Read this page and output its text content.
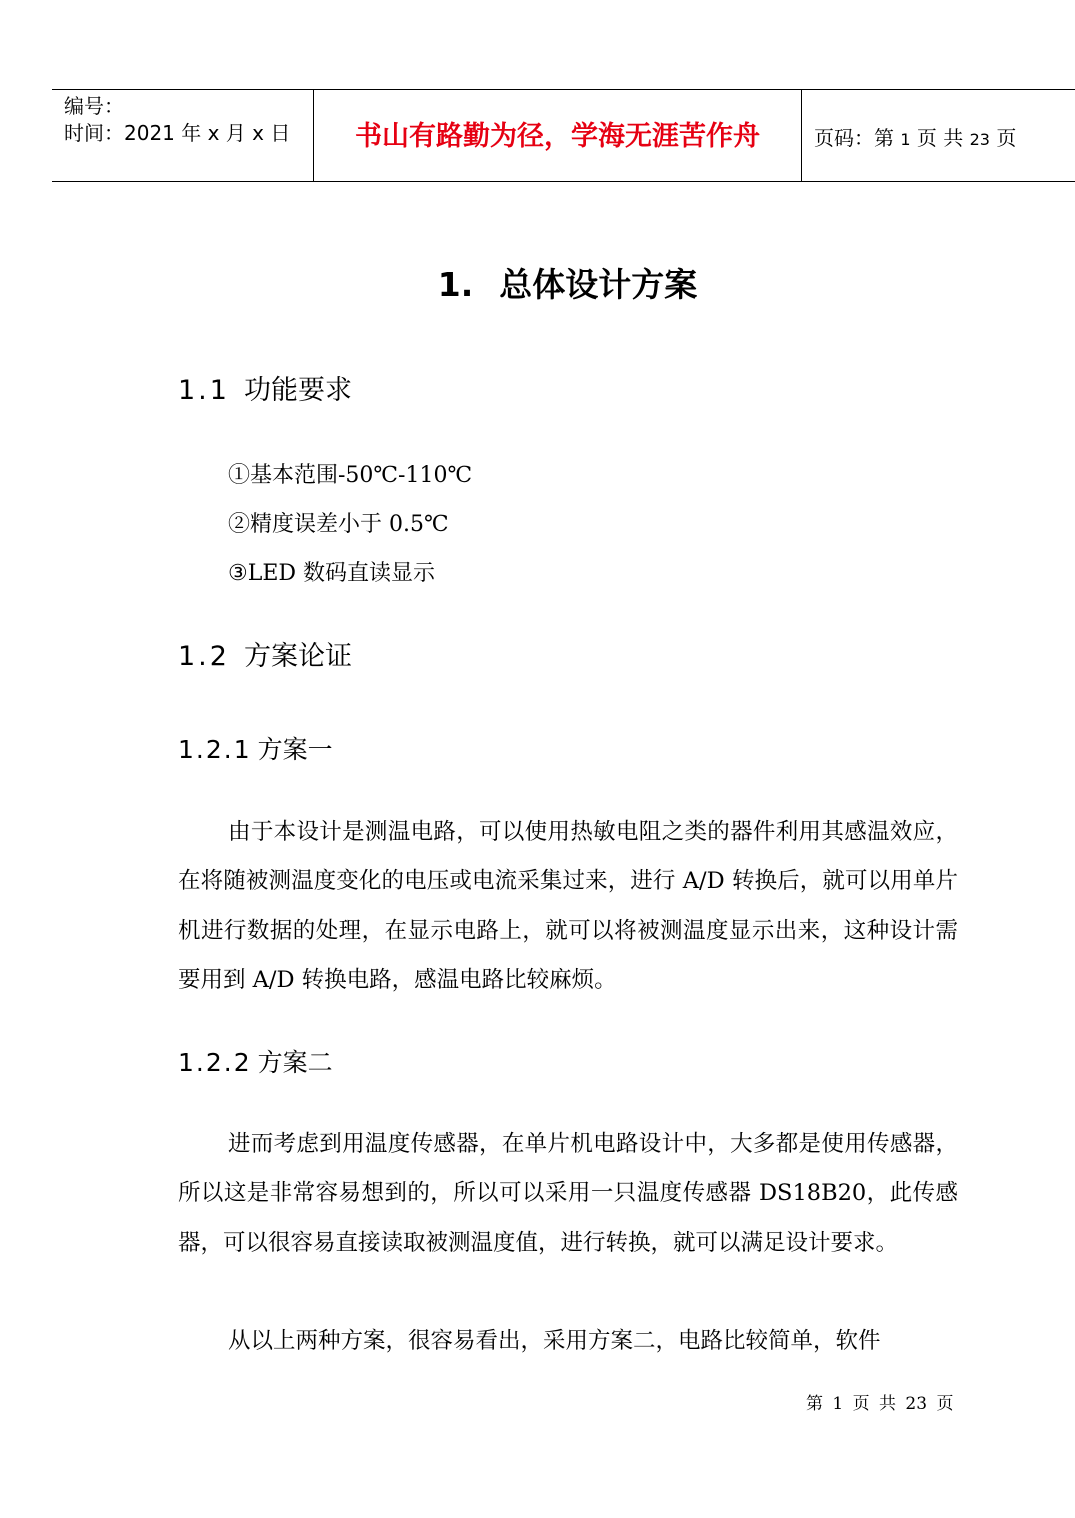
编号：
时间：2021 年 x 月 x 日	书山有路勤为径，学海无涯苦作舟	页码：第 1 页 共 23 页
1. 总体设计方案
1.1 功能要求
①基本范围-50℃-110℃
②精度误差小于 0.5℃
③LED 数码直读显示
1.2 方案论证
1.2.1 方案一
由于本设计是测温电路，可以使用热敏电阻之类的器件利用其感温效应，在将随被测温度变化的电压或电流采集过来，进行 A/D 转换后，就可以用单片机进行数据的处理，在显示电路上，就可以将被测温度显示出来，这种设计需要用到 A/D 转换电路，感温电路比较麻烦。
1.2.2 方案二
进而考虑到用温度传感器，在单片机电路设计中，大多都是使用传感器，所以这是非常容易想到的，所以可以采用一只温度传感器 DS18B20，此传感器，可以很容易直接读取被测温度值，进行转换，就可以满足设计要求。
从以上两种方案，很容易看出，采用方案二，电路比较简单，软件
第 1 页 共 23 页
